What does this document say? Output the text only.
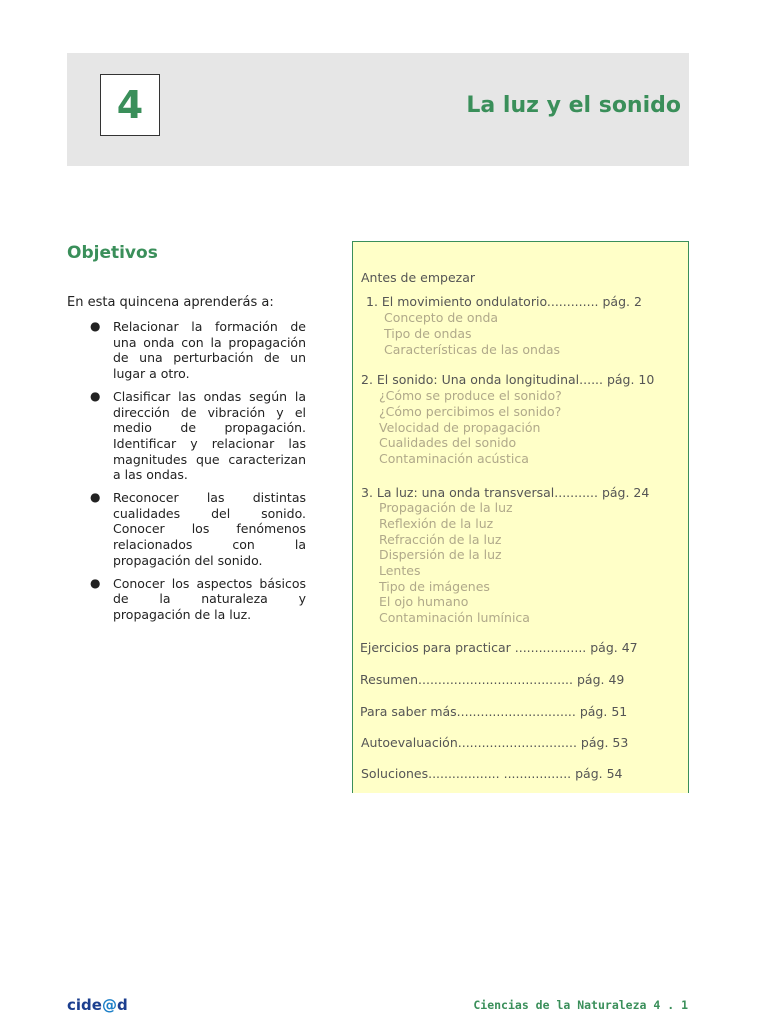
4	La luz y el sonido
Objetivos
En esta quincena aprenderás a:
● Relacionar la formación de una onda con la propagación de una perturbación de un lugar a otro.
● Clasificar las ondas según la dirección de vibración y el medio de propagación. Identificar y relacionar las magnitudes que caracterizan a las ondas.
● Reconocer las distintas cualidades del sonido. Conocer los fenómenos relacionados con la propagación del sonido.
● Conocer los aspectos básicos de la naturaleza y propagación de la luz.
Antes de empezar
1. El movimiento ondulatorio............. pág. 2
Concepto de onda
Tipo de ondas
Características de las ondas
2. El sonido: Una onda longitudinal...... pág. 10
¿Cómo se produce el sonido?
¿Cómo percibimos el sonido?
Velocidad de propagación
Cualidades del sonido
Contaminación acústica
3. La luz: una onda transversal........... pág. 24
Propagación de la luz
Reflexión de la luz
Refracción de la luz
Dispersión de la luz
Lentes
Tipo de imágenes
El ojo humano
Contaminación lumínica
Ejercicios para practicar .................. pág. 47
Resumen....................................... pág. 49
Para saber más.............................. pág. 51
Autoevaluación.............................. pág. 53
Soluciones.................. ................. pág. 54
cide@d	Ciencias de la Naturaleza 4 . 1
